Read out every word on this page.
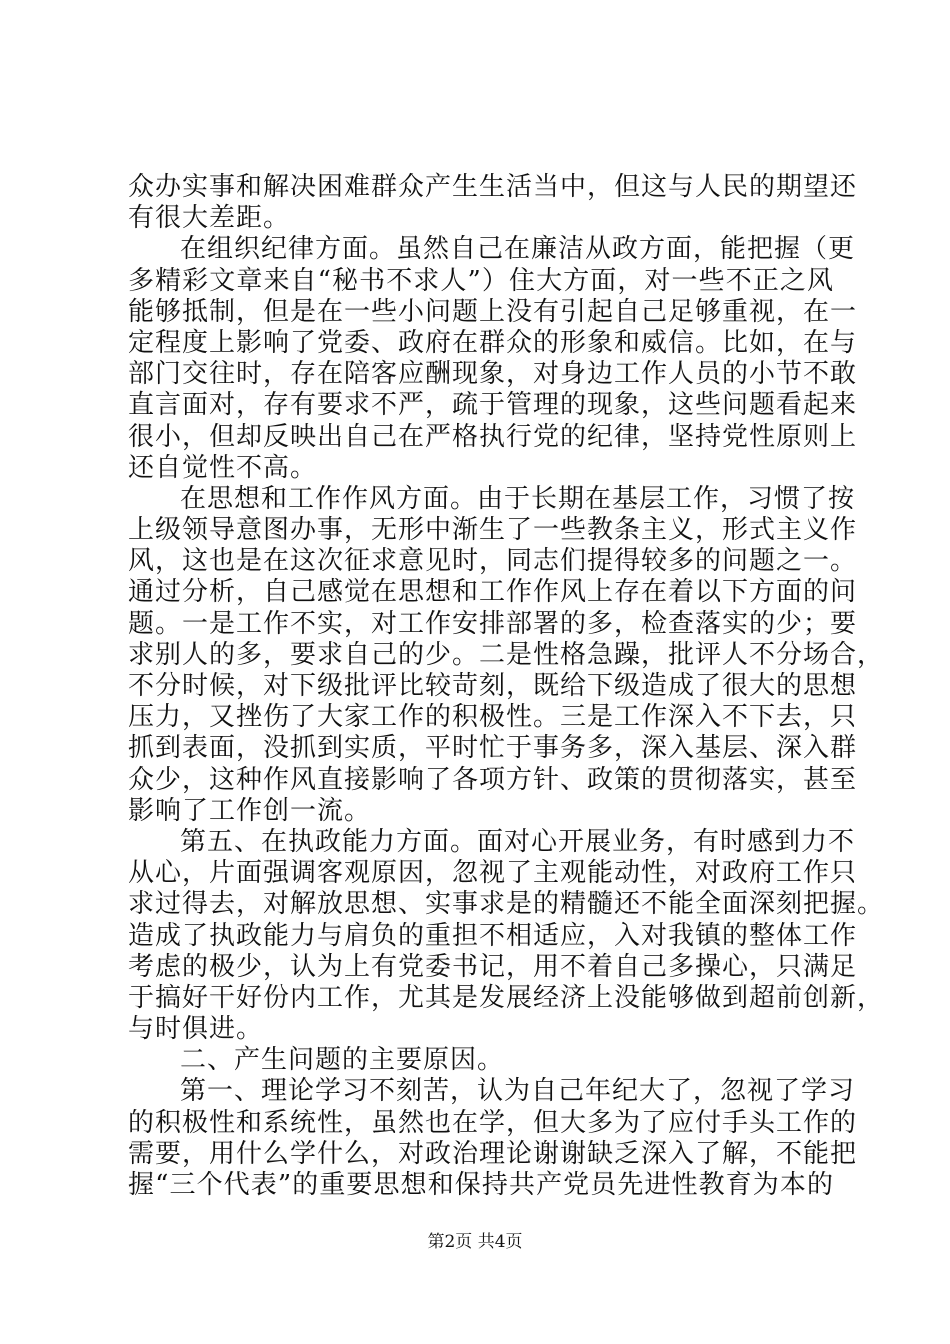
众办实事和解决困难群众产生生活当中，但这与人民的期望还
有很大差距。
在组织纪律方面。虽然自己在廉洁从政方面，能把握（更
多精彩文章来自“秘书不求人”）住大方面，对一些不正之风
能够抵制，但是在一些小问题上没有引起自己足够重视，在一
定程度上影响了党委、政府在群众的形象和威信。比如，在与
部门交往时，存在陪客应酬现象，对身边工作人员的小节不敢
直言面对，存有要求不严，疏于管理的现象，这些问题看起来
很小，但却反映出自己在严格执行党的纪律，坚持党性原则上
还自觉性不高。
在思想和工作作风方面。由于长期在基层工作，习惯了按
上级领导意图办事，无形中渐生了一些教条主义，形式主义作
风，这也是在这次征求意见时，同志们提得较多的问题之一。
通过分析，自己感觉在思想和工作作风上存在着以下方面的问
题。一是工作不实，对工作安排部署的多，检查落实的少；要
求别人的多，要求自己的少。二是性格急躁，批评人不分场合，
不分时候，对下级批评比较苛刻，既给下级造成了很大的思想
压力，又挫伤了大家工作的积极性。三是工作深入不下去，只
抓到表面，没抓到实质，平时忙于事务多，深入基层、深入群
众少，这种作风直接影响了各项方针、政策的贯彻落实，甚至
影响了工作创一流。
第五、在执政能力方面。面对心开展业务，有时感到力不
从心，片面强调客观原因，忽视了主观能动性，对政府工作只
求过得去，对解放思想、实事求是的精髓还不能全面深刻把握。
造成了执政能力与肩负的重担不相适应，入对我镇的整体工作
考虑的极少，认为上有党委书记，用不着自己多操心，只满足
于搞好干好份内工作，尤其是发展经济上没能够做到超前创新，
与时俱进。
二、产生问题的主要原因。
第一、理论学习不刻苦，认为自己年纪大了，忽视了学习
的积极性和系统性，虽然也在学，但大多为了应付手头工作的
需要，用什么学什么，对政治理论谢谢缺乏深入了解，不能把
握“三个代表”的重要思想和保持共产党员先进性教育为本的
第2页 共4页
